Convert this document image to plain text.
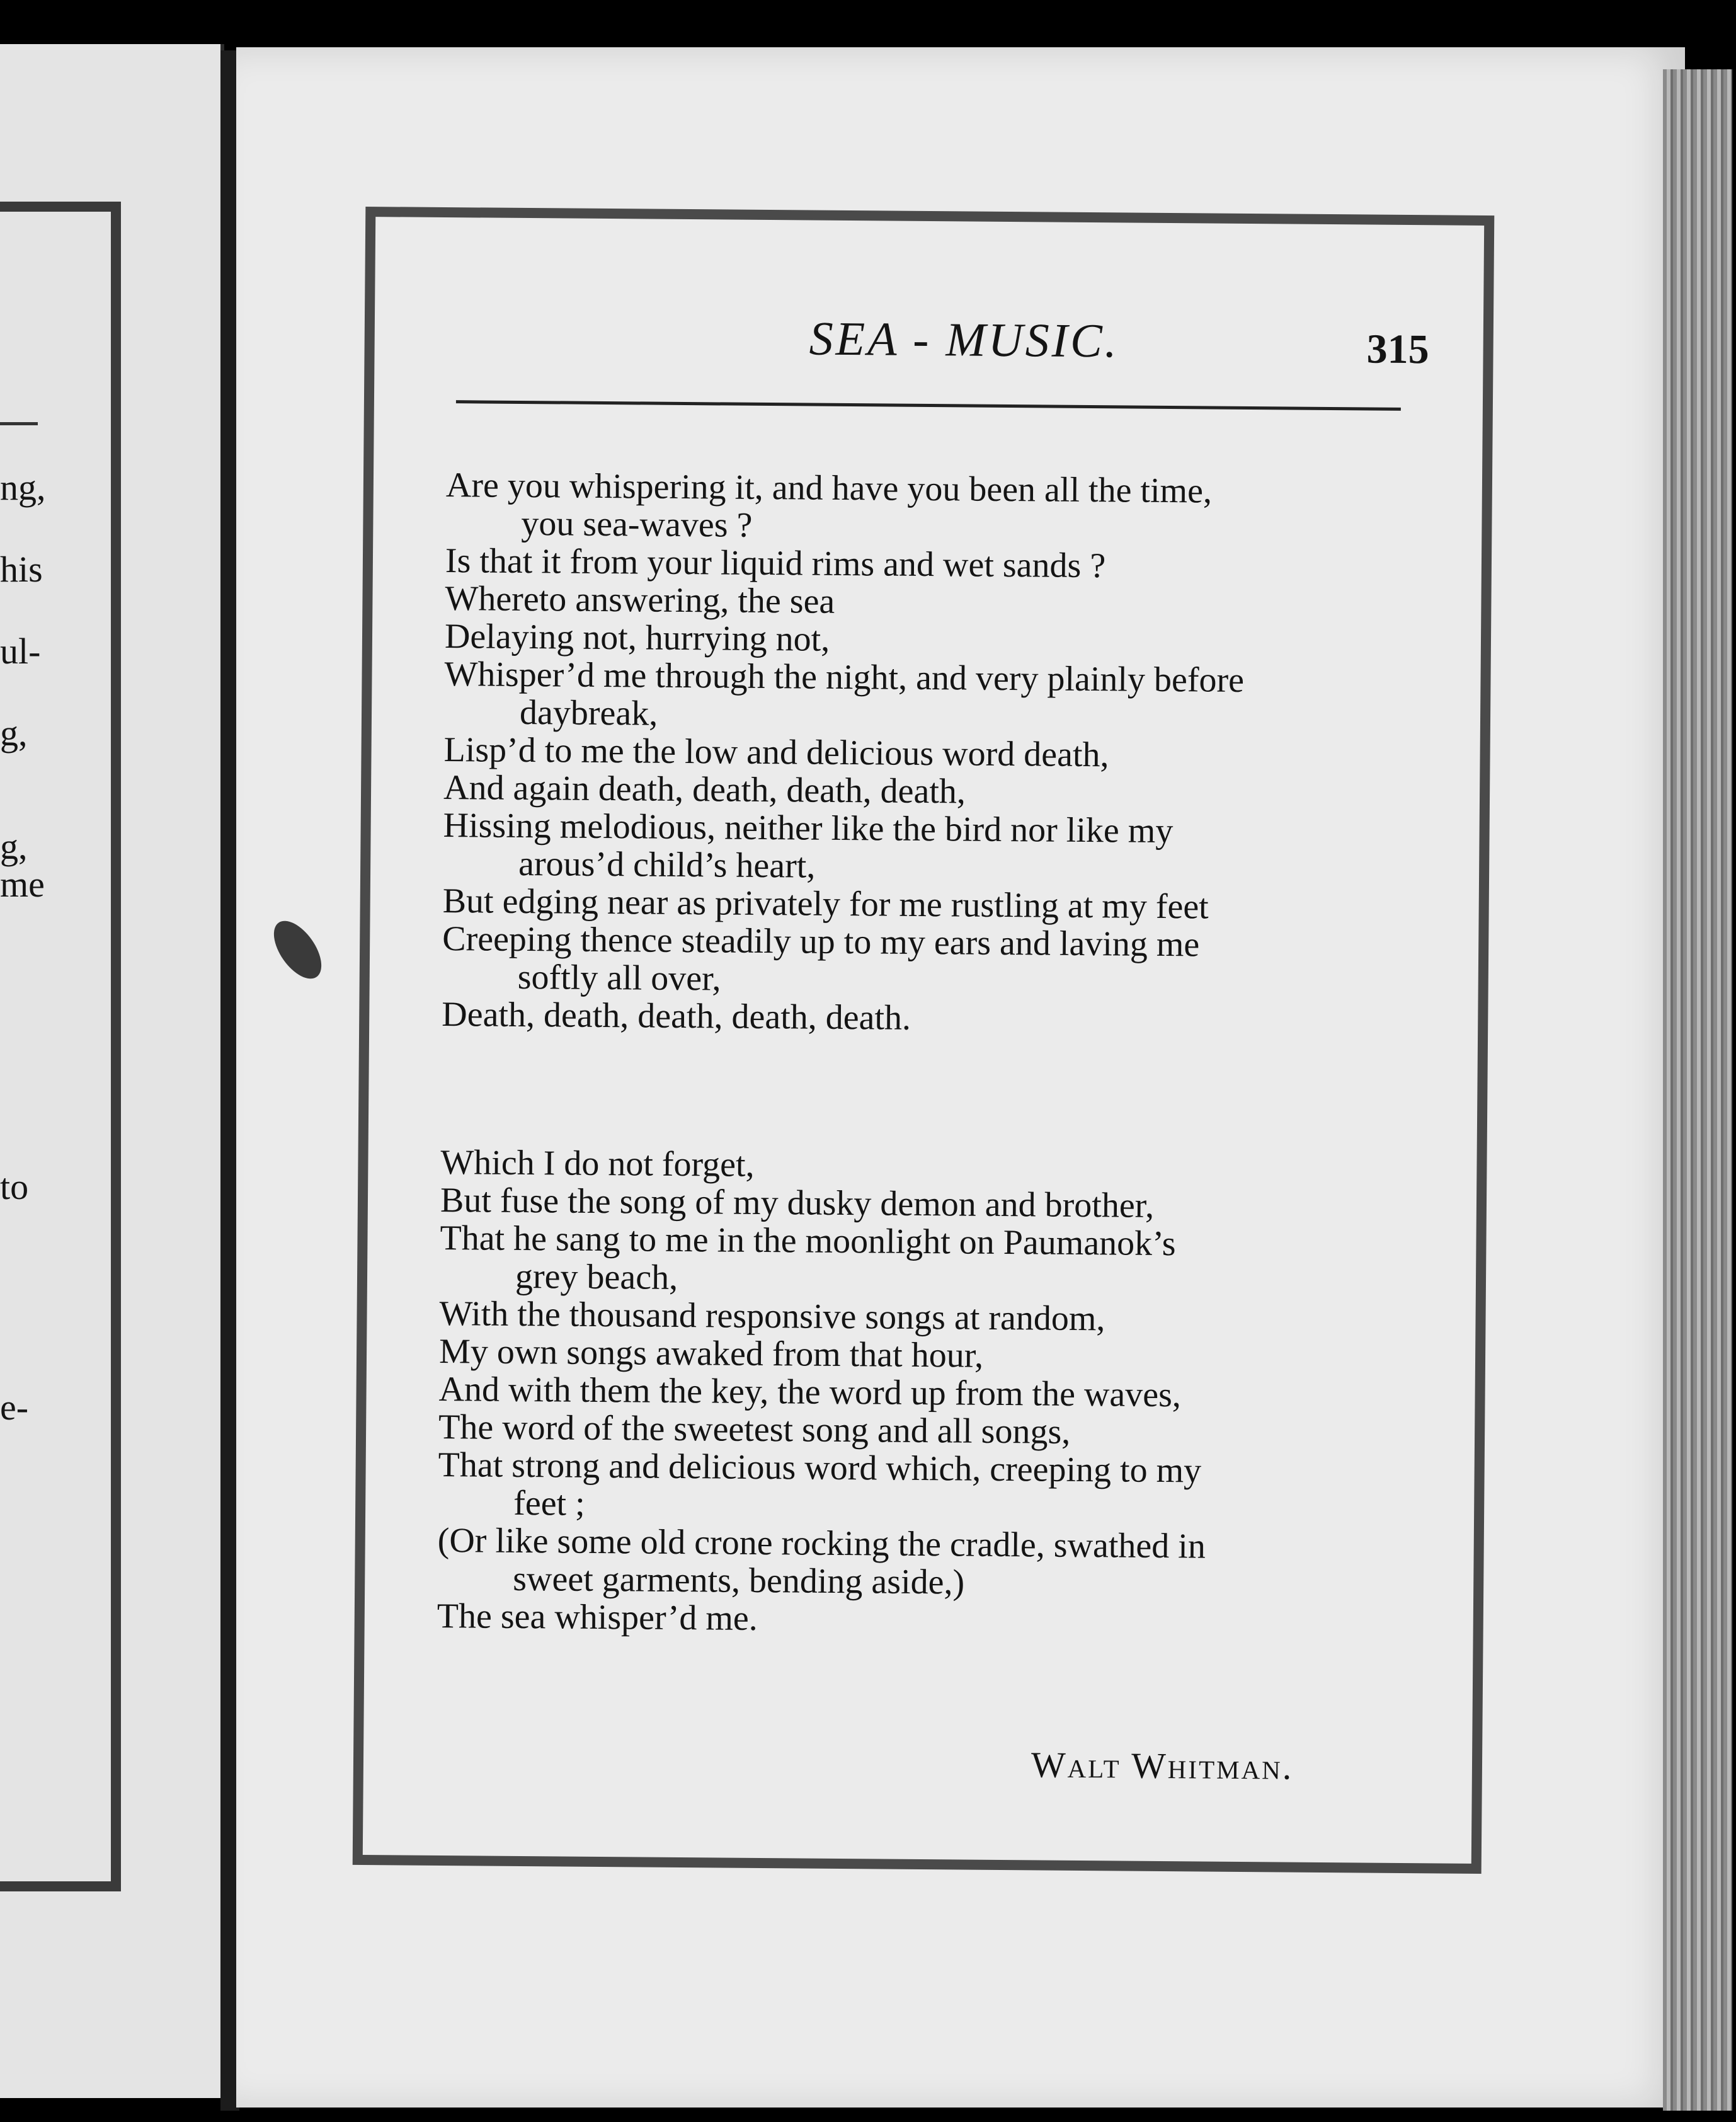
ng,
his
ul-
g,
g,
me
to
e-
SEA - MUSIC.	315
Are you whispering it, and have you been all the time,
you sea-waves ?
Is that it from your liquid rims and wet sands ?
Whereto answering, the sea
Delaying not, hurrying not,
Whisper’d me through the night, and very plainly before
daybreak,
Lisp’d to me the low and delicious word death,
And again death, death, death, death,
Hissing melodious, neither like the bird nor like my
arous’d child’s heart,
But edging near as privately for me rustling at my feet
Creeping thence steadily up to my ears and laving me
softly all over,
Death, death, death, death, death.
Which I do not forget,
But fuse the song of my dusky demon and brother,
That he sang to me in the moonlight on Paumanok’s
grey beach,
With the thousand responsive songs at random,
My own songs awaked from that hour,
And with them the key, the word up from the waves,
The word of the sweetest song and all songs,
That strong and delicious word which, creeping to my
feet ;
(Or like some old crone rocking the cradle, swathed in
sweet garments, bending aside,)
The sea whisper’d me.
Walt Whitman.
